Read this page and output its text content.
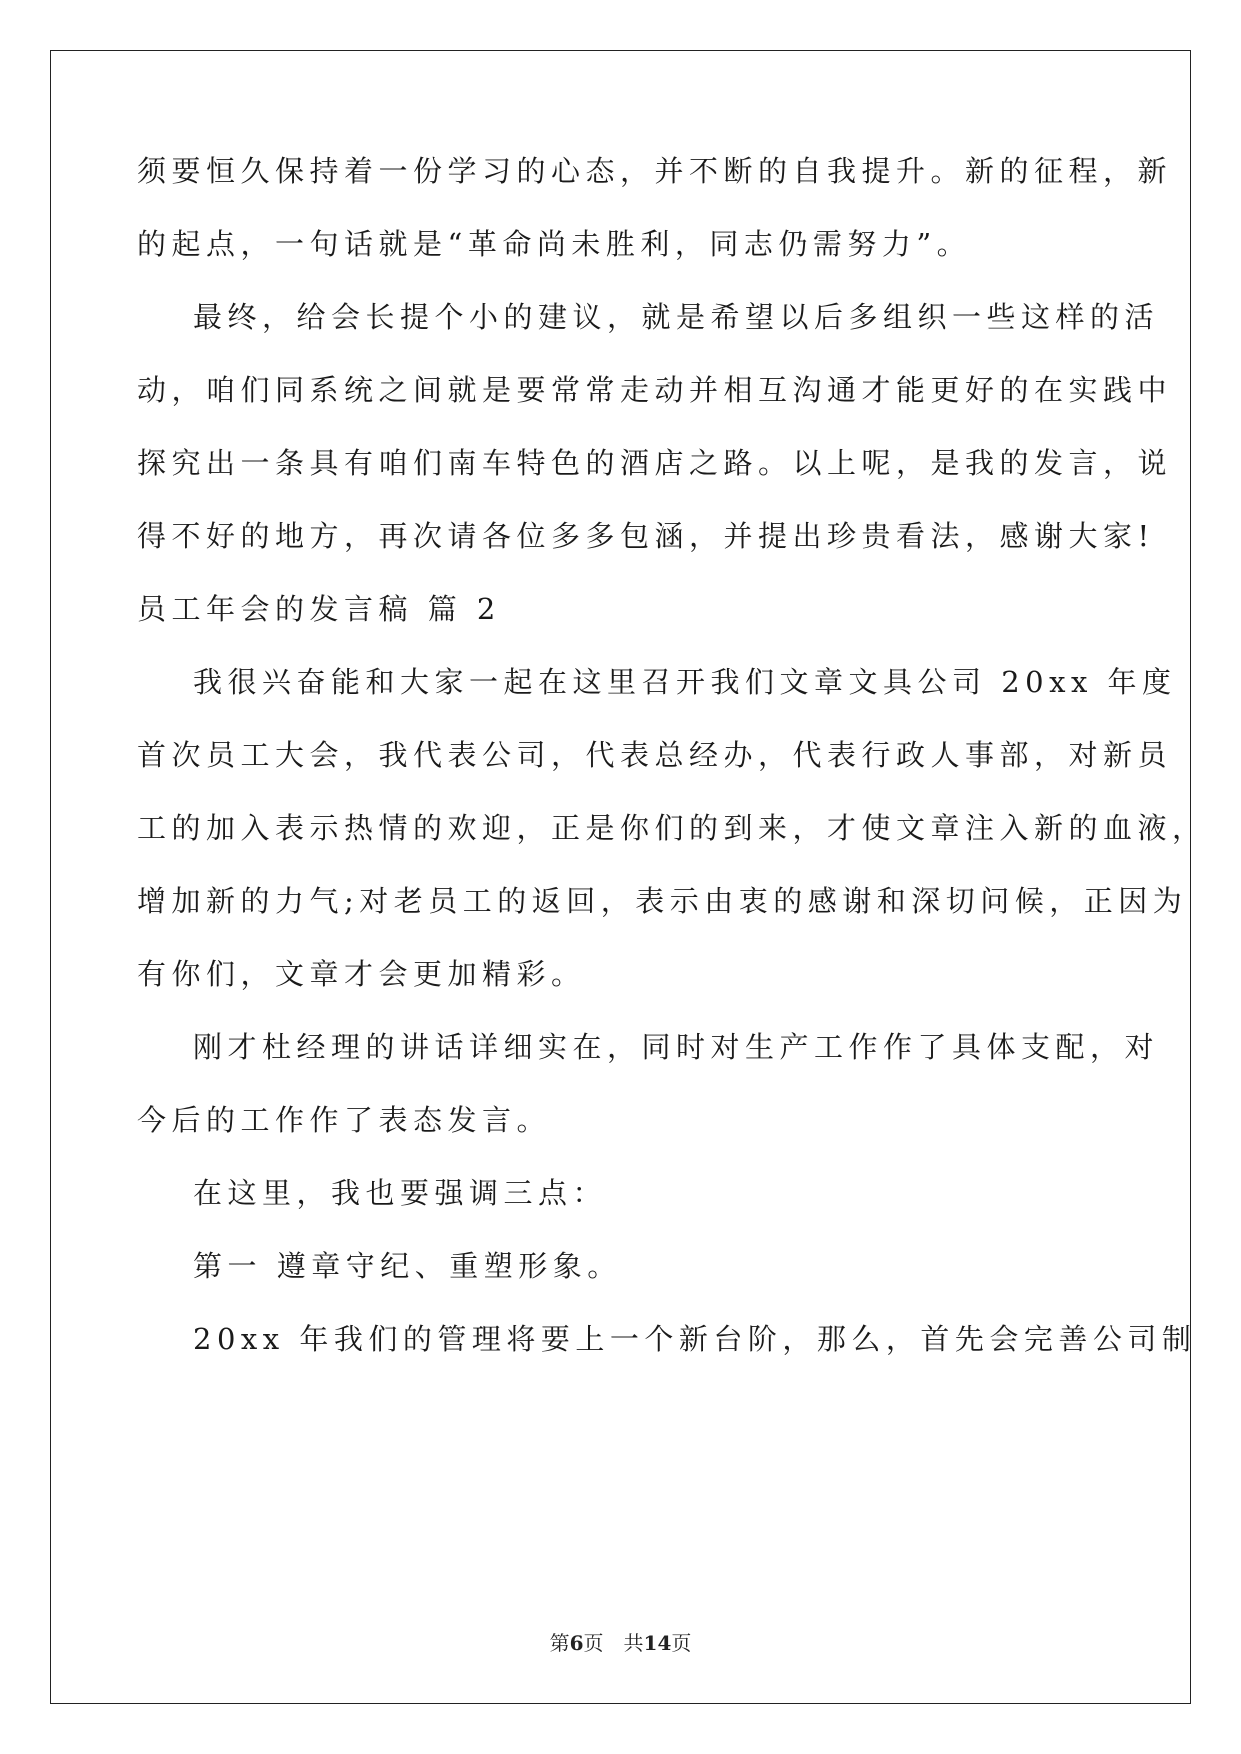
须要恒久保持着一份学习的心态，并不断的自我提升。新的征程，新
的起点，一句话就是“革命尚未胜利，同志仍需努力”。
最终，给会长提个小的建议，就是希望以后多组织一些这样的活
动，咱们同系统之间就是要常常走动并相互沟通才能更好的在实践中
探究出一条具有咱们南车特色的酒店之路。以上呢，是我的发言，说
得不好的地方，再次请各位多多包涵，并提出珍贵看法，感谢大家!
员工年会的发言稿 篇 2
我很兴奋能和大家一起在这里召开我们文章文具公司 20xx 年度
首次员工大会，我代表公司，代表总经办，代表行政人事部，对新员
工的加入表示热情的欢迎，正是你们的到来，才使文章注入新的血液，
增加新的力气;对老员工的返回，表示由衷的感谢和深切问候，正因为
有你们，文章才会更加精彩。
刚才杜经理的讲话详细实在，同时对生产工作作了具体支配，对
今后的工作作了表态发言。
在这里，我也要强调三点：
第一 遵章守纪、重塑形象。
20xx 年我们的管理将要上一个新台阶，那么，首先会完善公司制
第6页　共14页
